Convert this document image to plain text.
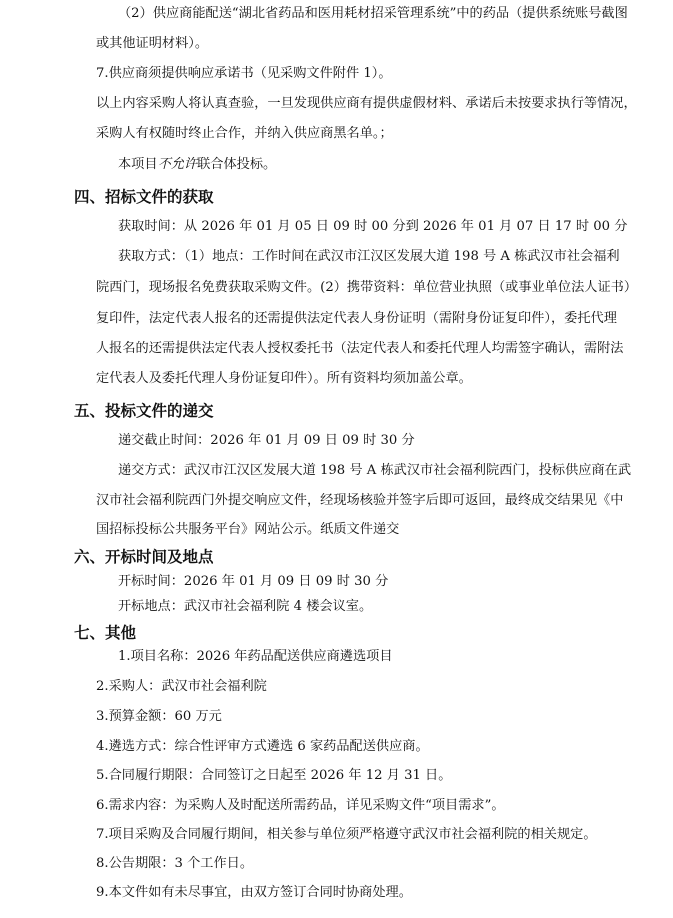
（2）供应商能配送“湖北省药品和医用耗材招采管理系统”中的药品（提供系统账号截图
或其他证明材料）。
7.供应商须提供响应承诺书（见采购文件附件 1）。
以上内容采购人将认真查验，一旦发现供应商有提供虚假材料、承诺后未按要求执行等情况，
采购人有权随时终止合作，并纳入供应商黑名单。；
本项目不允许联合体投标。
四、招标文件的获取
获取时间：从 2026 年 01 月 05 日 09 时 00 分到 2026 年 01 月 07 日 17 时 00 分
获取方式：（1）地点：工作时间在武汉市江汉区发展大道 198 号 A 栋武汉市社会福利
院西门，现场报名免费获取采购文件。(2）携带资料：单位营业执照（或事业单位法人证书）
复印件，法定代表人报名的还需提供法定代表人身份证明（需附身份证复印件），委托代理
人报名的还需提供法定代表人授权委托书（法定代表人和委托代理人均需签字确认，需附法
定代表人及委托代理人身份证复印件）。所有资料均须加盖公章。
五、投标文件的递交
递交截止时间：2026 年 01 月 09 日 09 时 30 分
递交方式：武汉市江汉区发展大道 198 号 A 栋武汉市社会福利院西门，投标供应商在武
汉市社会福利院西门外提交响应文件，经现场核验并签字后即可返回，最终成交结果见《中
国招标投标公共服务平台》网站公示。纸质文件递交
六、开标时间及地点
开标时间：2026 年 01 月 09 日 09 时 30 分
开标地点：武汉市社会福利院 4 楼会议室。
七、其他
1.项目名称：2026 年药品配送供应商遴选项目
2.采购人：武汉市社会福利院
3.预算金额：60 万元
4.遴选方式：综合性评审方式遴选 6 家药品配送供应商。
5.合同履行期限：合同签订之日起至 2026 年 12 月 31 日。
6.需求内容：为采购人及时配送所需药品，详见采购文件“项目需求”。
7.项目采购及合同履行期间，相关参与单位须严格遵守武汉市社会福利院的相关规定。
8.公告期限：3 个工作日。
9.本文件如有未尽事宜，由双方签订合同时协商处理。
